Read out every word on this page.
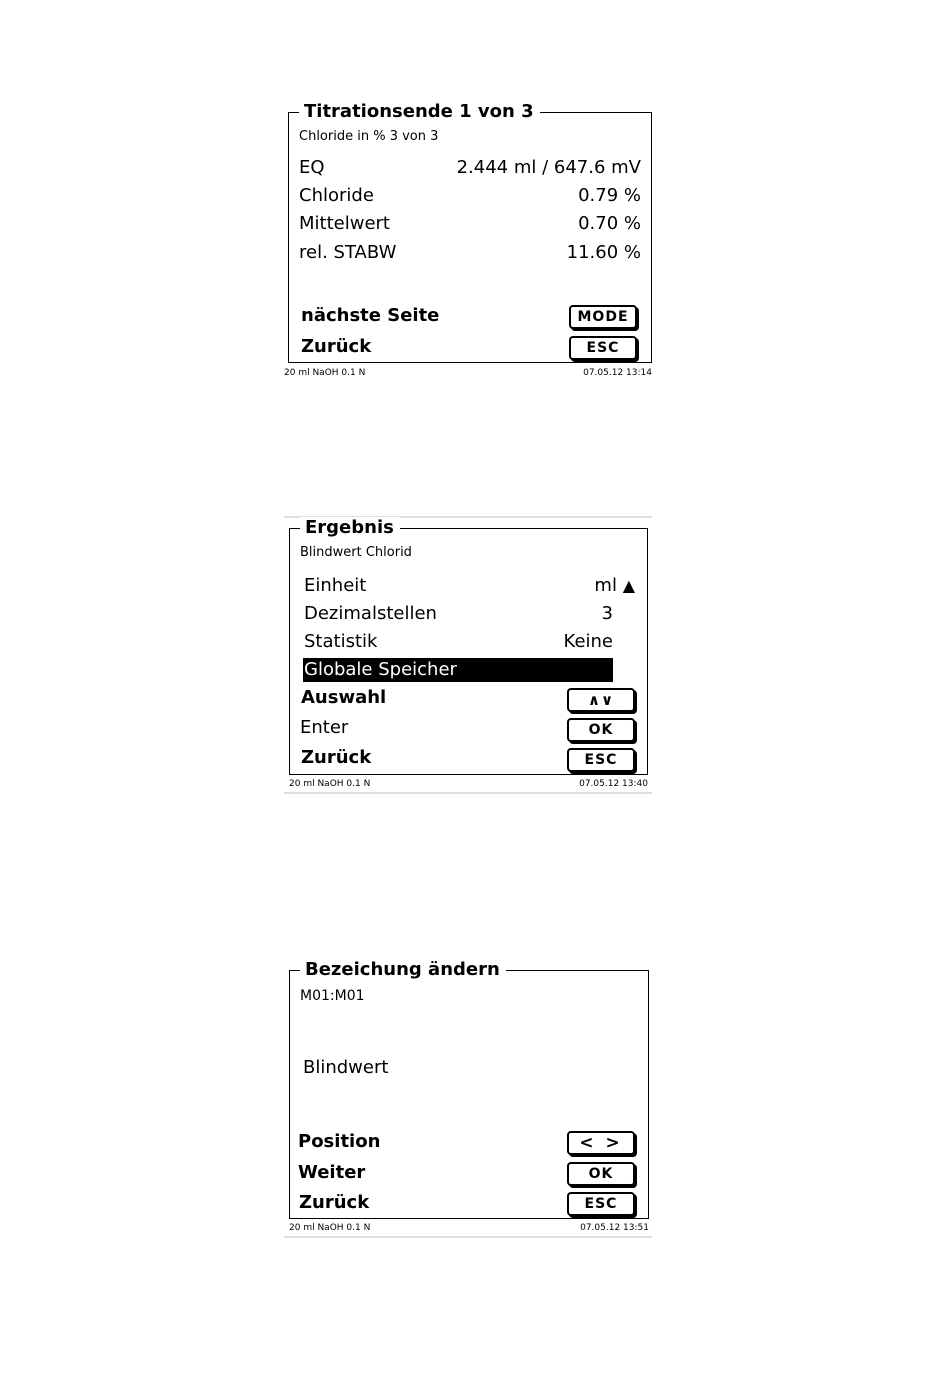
Titrationsende 1 von 3
Chloride in % 3 von 3
EQ	2.444 ml / 647.6 mV
Chloride	0.79 %
Mittelwert	0.70 %
rel. STABW	11.60 %
nächste Seite	MODE
Zurück	ESC
20 ml NaOH 0.1 N	07.05.12 13:14
Ergebnis
Blindwert Chlorid
Einheit	ml ▲
Dezimalstellen	3
Statistik	Keine
Globale Speicher
Auswahl	∧∨
Enter	OK
Zurück	ESC
20 ml NaOH 0.1 N	07.05.12 13:40
Bezeichung ändern
M01:M01
Blindwert
Position	< >
Weiter	OK
Zurück	ESC
20 ml NaOH 0.1 N	07.05.12 13:51
